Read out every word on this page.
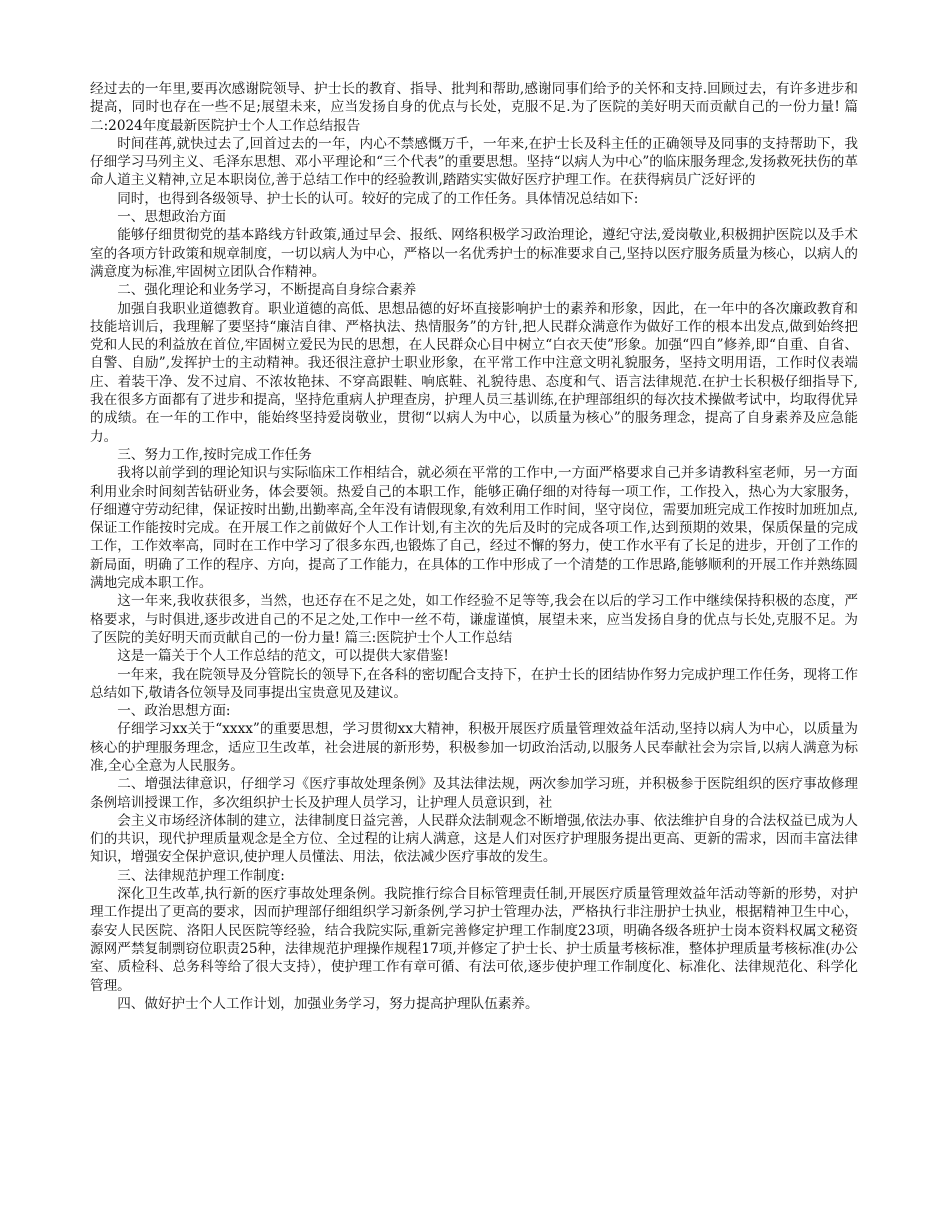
经过去的一年里,要再次感谢院领导、护士长的教育、指导、批判和帮助,感谢同事们给予的关怀和支持.回顾过去，有许多进步和提高，同时也存在一些不足;展望未来，应当发扬自身的优点与长处，克服不足.为了医院的美好明天而贡献自己的一份力量! 篇二:2024年度最新医院护士个人工作总结报告

时间荏苒,就快过去了,回首过去的一年，内心不禁感慨万千，一年来,在护士长及科主任的正确领导及同事的支持帮助下，我仔细学习马列主义、毛泽东思想、邓小平理论和“三个代表”的重要思想。坚持“以病人为中心”的临床服务理念,发扬救死扶伤的革命人道主义精神,立足本职岗位,善于总结工作中的经验教训,踏踏实实做好医疗护理工作。在获得病员广泛好评的

同时，也得到各级领导、护士长的认可。较好的完成了的工作任务。具体情况总结如下:

一、思想政治方面

能够仔细贯彻党的基本路线方针政策,通过早会、报纸、网络积极学习政治理论，遵纪守法,爱岗敬业,积极拥护医院以及手术室的各项方针政策和规章制度，一切以病人为中心，严格以一名优秀护士的标准要求自己,坚持以医疗服务质量为核心，以病人的满意度为标准,牢固树立团队合作精神。

二、强化理论和业务学习，不断提高自身综合素养

加强自我职业道德教育。职业道德的高低、思想品德的好坏直接影响护士的素养和形象，因此，在一年中的各次廉政教育和技能培训后，我理解了要坚持“廉洁自律、严格执法、热情服务”的方针,把人民群众满意作为做好工作的根本出发点,做到始终把党和人民的利益放在首位,牢固树立爱民为民的思想，在人民群众心目中树立“白衣天使”形象。加强“四自”修养,即“自重、自省、自警、自励”,发挥护士的主动精神。我还很注意护士职业形象，在平常工作中注意文明礼貌服务，坚持文明用语，工作时仪表端庄、着装干净、发不过肩、不浓妆艳抹、不穿高跟鞋、响底鞋、礼貌待患、态度和气、语言法律规范.在护士长积极仔细指导下,我在很多方面都有了进步和提高，坚持危重病人护理查房，护理人员三基训练,在护理部组织的每次技术操做考试中，均取得优异的成绩。在一年的工作中，能始终坚持爱岗敬业，贯彻“以病人为中心，以质量为核心”的服务理念，提高了自身素养及应急能力。

三、努力工作,按时完成工作任务

我将以前学到的理论知识与实际临床工作相结合，就必须在平常的工作中,一方面严格要求自己并多请教科室老师，另一方面利用业余时间刻苦钻研业务，体会要领。热爱自己的本职工作，能够正确仔细的对待每一项工作，工作投入，热心为大家服务，仔细遵守劳动纪律，保证按时出勤,出勤率高,全年没有请假现象,有效利用工作时间，坚守岗位，需要加班完成工作按时加班加点,保证工作能按时完成。在开展工作之前做好个人工作计划,有主次的先后及时的完成各项工作,达到预期的效果，保质保量的完成工作，工作效率高，同时在工作中学习了很多东西,也锻炼了自己，经过不懈的努力，使工作水平有了长足的进步，开创了工作的新局面，明确了工作的程序、方向，提高了工作能力，在具体的工作中形成了一个清楚的工作思路,能够顺利的开展工作并熟练圆满地完成本职工作。

这一年来,我收获很多，当然，也还存在不足之处，如工作经验不足等等,我会在以后的学习工作中继续保持积极的态度，严格要求，与时俱进,逐步改进自己的不足之处,工作中一丝不苟，谦虚谨慎，展望未来，应当发扬自身的优点与长处,克服不足。为了医院的美好明天而贡献自己的一份力量! 篇三:医院护士个人工作总结

这是一篇关于个人工作总结的范文，可以提供大家借鉴!

一年来，我在院领导及分管院长的领导下,在各科的密切配合支持下，在护士长的团结协作努力完成护理工作任务，现将工作总结如下,敬请各位领导及同事提出宝贵意见及建议。

一、政治思想方面:

仔细学习xx关于“xxxx”的重要思想，学习贯彻xx大精神，积极开展医疗质量管理效益年活动,坚持以病人为中心，以质量为核心的护理服务理念，适应卫生改革，社会进展的新形势，积极参加一切政治活动,以服务人民奉献社会为宗旨,以病人满意为标准,全心全意为人民服务。

二、增强法律意识，仔细学习《医疗事故处理条例》及其法律法规，两次参加学习班，并积极参于医院组织的医疗事故修理条例培训授课工作，多次组织护士长及护理人员学习，让护理人员意识到，社

会主义市场经济体制的建立，法律制度日益完善，人民群众法制观念不断增强,依法办事、依法维护自身的合法权益已成为人们的共识，现代护理质量观念是全方位、全过程的让病人满意，这是人们对医疗护理服务提出更高、更新的需求，因而丰富法律知识，增强安全保护意识,使护理人员懂法、用法，依法减少医疗事故的发生。

三、法律规范护理工作制度:

深化卫生改革,执行新的医疗事故处理条例。我院推行综合目标管理责任制,开展医疗质量管理效益年活动等新的形势，对护理工作提出了更高的要求，因而护理部仔细组织学习新条例,学习护士管理办法，严格执行非注册护士执业，根据精神卫生中心，泰安人民医院、洛阳人民医院等经验，结合我院实际,重新完善修定护理工作制度23项，明确各级各班护士岗本资料权属文秘资源网严禁复制剽窃位职责25种，法律规范护理操作规程17项,并修定了护士长、护士质量考核标准，整体护理质量考核标准(办公室、质检科、总务科等给了很大支持），使护理工作有章可循、有法可依,逐步使护理工作制度化、标准化、法律规范化、科学化管理。

四、做好护士个人工作计划，加强业务学习，努力提高护理队伍素养。
